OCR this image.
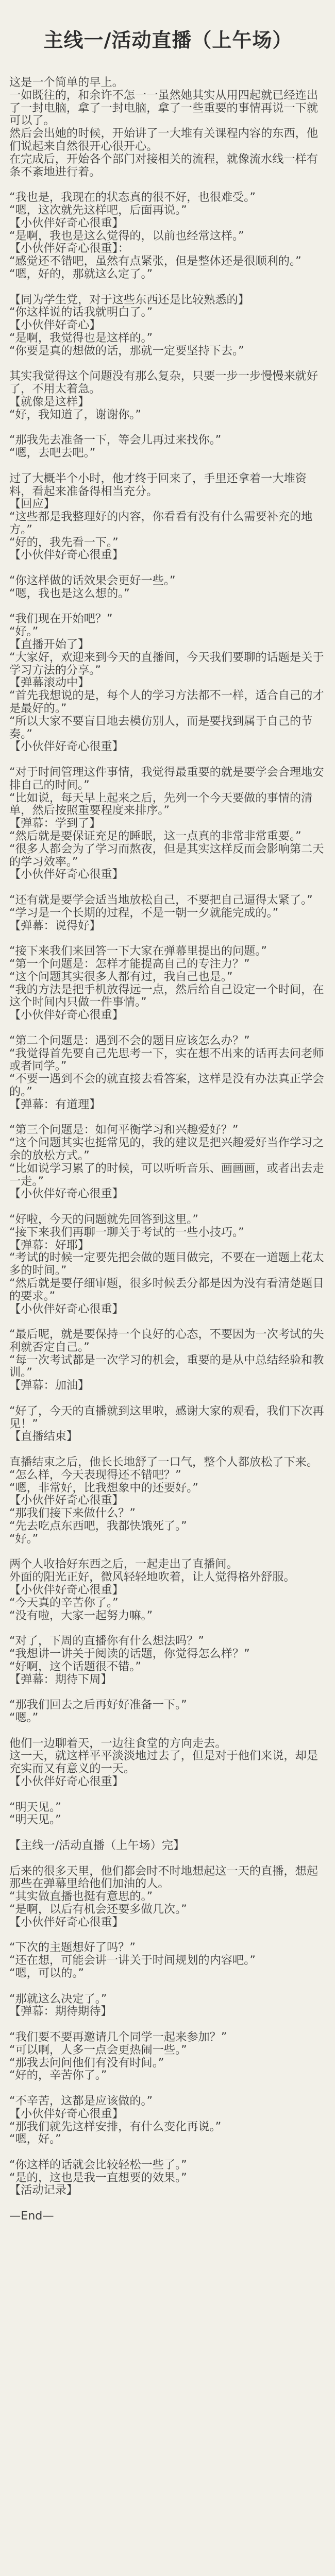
主线一/活动直播（上午场）

这是一个简单的早上。

一如既往的，和余许不怎一一虽然她其实从用四起就已经连出了一封电脑，拿了一封电脑，拿了一些重要的事情再说一下就可以了。

然后会出她的时候，开始讲了一大堆有关课程内容的东西，他们说起来自然很开心很开心。

在完成后，开始各个部门对接相关的流程，就像流水线一样有条不紊地进行着。

“我也是，我现在的状态真的很不好，也很难受。”

“嗯，这次就先这样吧，后面再说。”

【小伙伴好奇心很重】

“是啊，我也是这么觉得的，以前也经常这样。”

【小伙伴好奇心很重】：

“感觉还不错吧，虽然有点紧张，但是整体还是很顺利的。”

“嗯，好的，那就这么定了。”

【同为学生党，对于这些东西还是比较熟悉的】

“你这样说的话我就明白了。”

【小伙伴好奇心】

“是啊，我觉得也是这样的。”

“你要是真的想做的话，那就一定要坚持下去。”

其实我觉得这个问题没有那么复杂，只要一步一步慢慢来就好了，不用太着急。

【就像是这样】

“好，我知道了，谢谢你。”

“那我先去准备一下，等会儿再过来找你。”

“嗯，去吧去吧。”

过了大概半个小时，他才终于回来了，手里还拿着一大堆资料，看起来准备得相当充分。

【回应】

“这些都是我整理好的内容，你看看有没有什么需要补充的地方。”

“好的，我先看一下。”

【小伙伴好奇心很重】

“你这样做的话效果会更好一些。”

“嗯，我也是这么想的。”

“我们现在开始吧？”

“好。”

【直播开始了】

“大家好，欢迎来到今天的直播间，今天我们要聊的话题是关于学习方法的分享。”

【弹幕滚动中】

“首先我想说的是，每个人的学习方法都不一样，适合自己的才是最好的。”

“所以大家不要盲目地去模仿别人，而是要找到属于自己的节奏。”

【小伙伴好奇心很重】

“对于时间管理这件事情，我觉得最重要的就是要学会合理地安排自己的时间。”

“比如说，每天早上起来之后，先列一个今天要做的事情的清单，然后按照重要程度来排序。”

【弹幕：学到了】

“然后就是要保证充足的睡眠，这一点真的非常非常重要。”

“很多人都会为了学习而熬夜，但是其实这样反而会影响第二天的学习效率。”

【小伙伴好奇心很重】

“还有就是要学会适当地放松自己，不要把自己逼得太紧了。”

“学习是一个长期的过程，不是一朝一夕就能完成的。”

【弹幕：说得好】

“接下来我们来回答一下大家在弹幕里提出的问题。”

“第一个问题是：怎样才能提高自己的专注力？”

“这个问题其实很多人都有过，我自己也是。”

“我的方法是把手机放得远一点，然后给自己设定一个时间，在这个时间内只做一件事情。”

【小伙伴好奇心很重】

“第二个问题是：遇到不会的题目应该怎么办？”

“我觉得首先要自己先思考一下，实在想不出来的话再去问老师或者同学。”

“不要一遇到不会的就直接去看答案，这样是没有办法真正学会的。”

【弹幕：有道理】

“第三个问题是：如何平衡学习和兴趣爱好？”

“这个问题其实也挺常见的，我的建议是把兴趣爱好当作学习之余的放松方式。”

“比如说学习累了的时候，可以听听音乐、画画画，或者出去走一走。”

【小伙伴好奇心很重】

“好啦，今天的问题就先回答到这里。”

“接下来我们再聊一聊关于考试的一些小技巧。”

【弹幕：好耶】

“考试的时候一定要先把会做的题目做完，不要在一道题上花太多的时间。”

“然后就是要仔细审题，很多时候丢分都是因为没有看清楚题目的要求。”

【小伙伴好奇心很重】

“最后呢，就是要保持一个良好的心态，不要因为一次考试的失利就否定自己。”

“每一次考试都是一次学习的机会，重要的是从中总结经验和教训。”

【弹幕：加油】

“好了，今天的直播就到这里啦，感谢大家的观看，我们下次再见！”

【直播结束】

直播结束之后，他长长地舒了一口气，整个人都放松了下来。

“怎么样，今天表现得还不错吧？”

“嗯，非常好，比我想象中的还要好。”

【小伙伴好奇心很重】

“那我们接下来做什么？”

“先去吃点东西吧，我都快饿死了。”

“好。”

两个人收拾好东西之后，一起走出了直播间。

外面的阳光正好，微风轻轻地吹着，让人觉得格外舒服。

【小伙伴好奇心很重】

“今天真的辛苦你了。”

“没有啦，大家一起努力嘛。”

“对了，下周的直播你有什么想法吗？”

“我想讲一讲关于阅读的话题，你觉得怎么样？”

“好啊，这个话题很不错。”

【弹幕：期待下周】

“那我们回去之后再好好准备一下。”

“嗯。”

他们一边聊着天，一边往食堂的方向走去。

这一天，就这样平平淡淡地过去了，但是对于他们来说，却是充实而又有意义的一天。

【小伙伴好奇心很重】

“明天见。”

“明天见。”

【主线一/活动直播（上午场）完】

后来的很多天里，他们都会时不时地想起这一天的直播，想起那些在弹幕里给他们加油的人。

“其实做直播也挺有意思的。”

“是啊，以后有机会还要多做几次。”

【小伙伴好奇心很重】

“下次的主题想好了吗？”

“还在想，可能会讲一讲关于时间规划的内容吧。”

“嗯，可以的。”

“那就这么决定了。”

【弹幕：期待期待】

“我们要不要再邀请几个同学一起来参加？”

“可以啊，人多一点会更热闹一些。”

“那我去问问他们有没有时间。”

“好的，辛苦你了。”

“不辛苦，这都是应该做的。”

【小伙伴好奇心很重】

“那我们就先这样安排，有什么变化再说。”

“嗯，好。”

“你这样的话就会比较轻松一些了。”

“是的，这也是我一直想要的效果。”

【活动记录】

—End—
